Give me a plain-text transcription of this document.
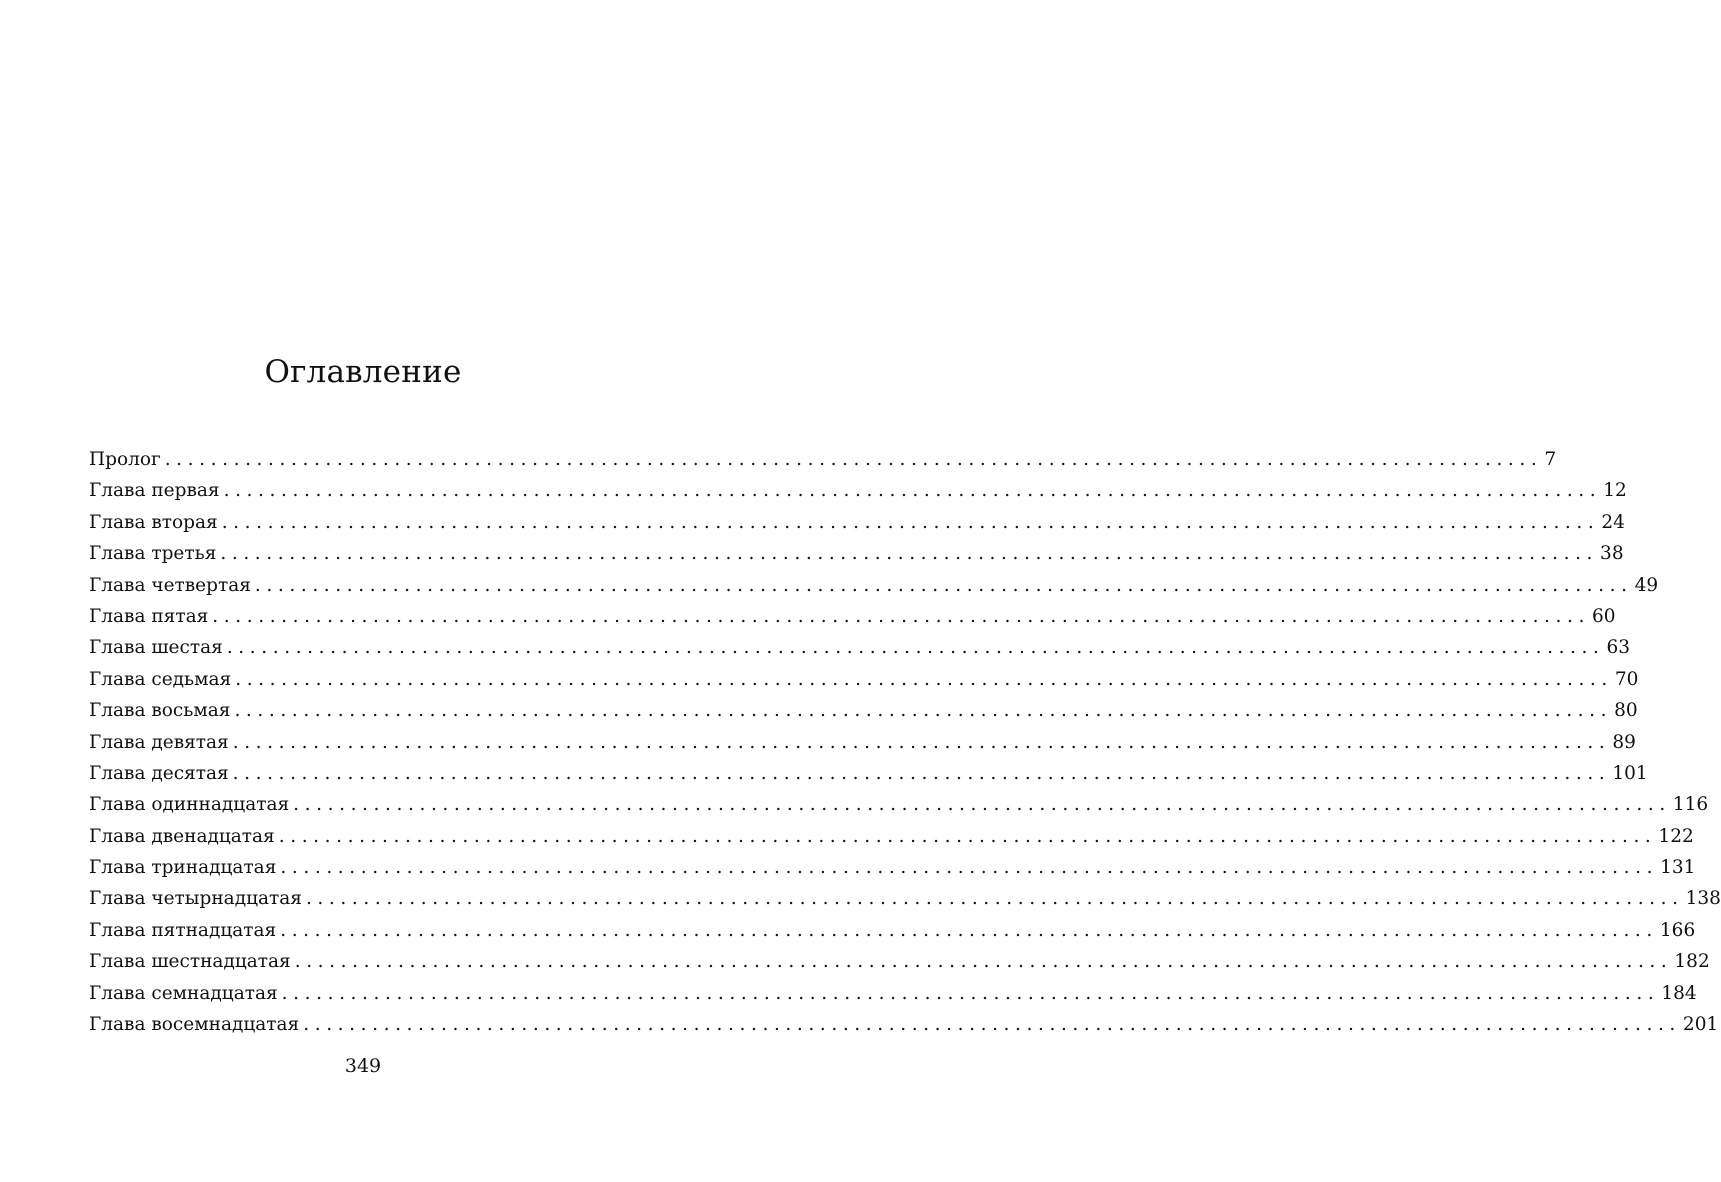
Оглавление
Пролог ........................................................................................................................ 7
Глава первая ........................................................................................................................ 12
Глава вторая ........................................................................................................................ 24
Глава третья ........................................................................................................................ 38
Глава четвертая ........................................................................................................................ 49
Глава пятая ........................................................................................................................ 60
Глава шестая ........................................................................................................................ 63
Глава седьмая ........................................................................................................................ 70
Глава восьмая ........................................................................................................................ 80
Глава девятая ........................................................................................................................ 89
Глава десятая ........................................................................................................................ 101
Глава одиннадцатая ........................................................................................................................ 116
Глава двенадцатая ........................................................................................................................ 122
Глава тринадцатая ........................................................................................................................ 131
Глава четырнадцатая ........................................................................................................................ 138
Глава пятнадцатая ........................................................................................................................ 166
Глава шестнадцатая ........................................................................................................................ 182
Глава семнадцатая ........................................................................................................................ 184
Глава восемнадцатая ........................................................................................................................ 201
349
